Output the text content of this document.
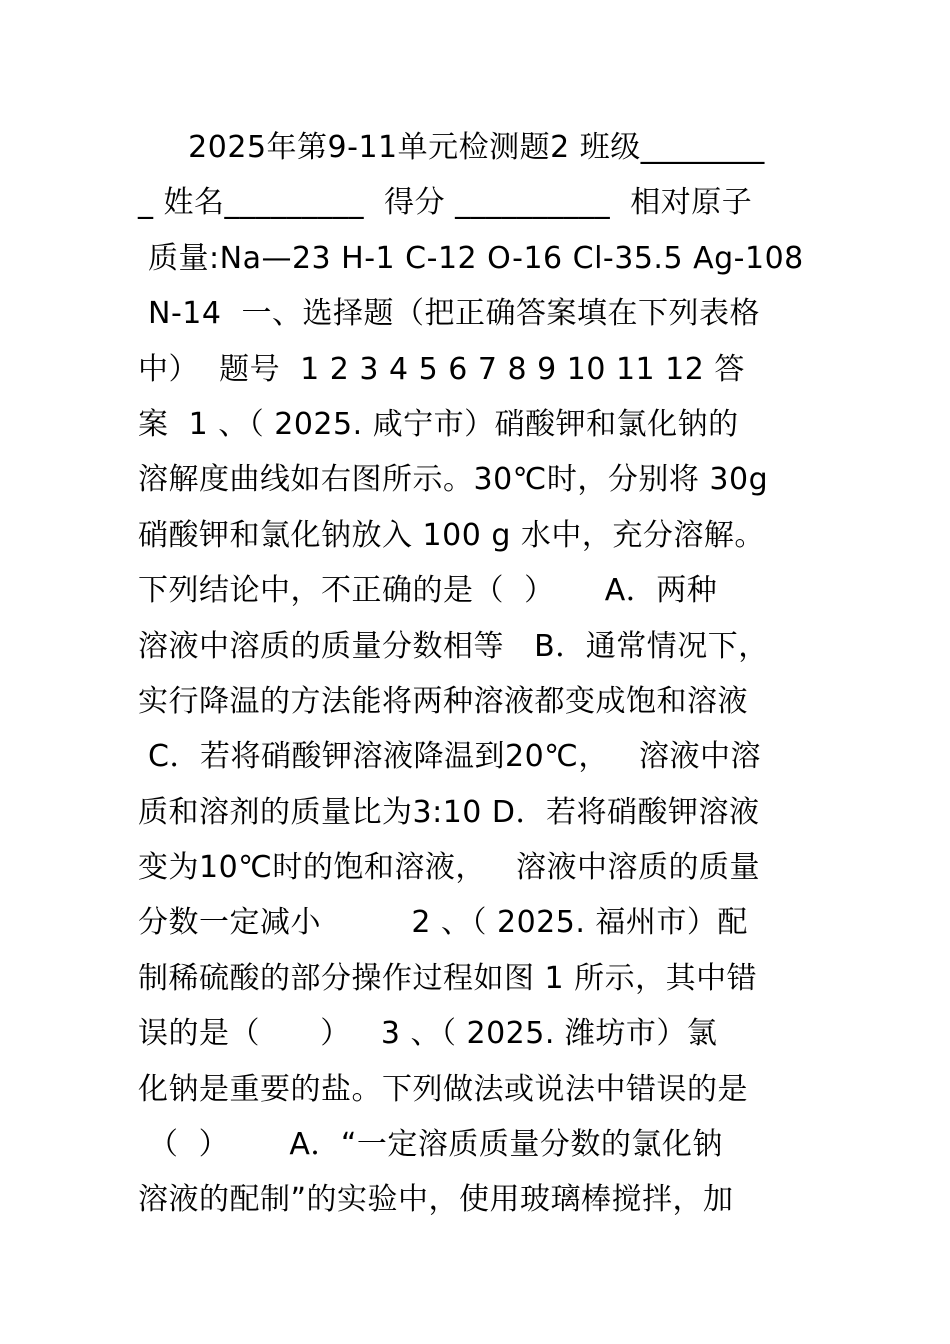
2025年第9-11单元检测题2 班级________
_ 姓名_________  得分 __________  相对原子
质量:Na—23 H-1 C-12 O-16 Cl-35.5 Ag-108
N-14  一、选择题（把正确答案填在下列表格
中）  题号  1 2 3 4 5 6 7 8 9 10 11 12 答
案  1 、（ 2025. 咸宁市）硝酸钾和氯化钠的
溶解度曲线如右图所示。30℃时，分别将 30g
硝酸钾和氯化钠放入 100 g 水中，充分溶解。
下列结论中，不正确的是（  ）     A．两种
溶液中溶质的质量分数相等   B．通常情况下，
实行降温的方法能将两种溶液都变成饱和溶液
C．若将硝酸钾溶液降温到20℃，   溶液中溶
质和溶剂的质量比为3:10 D．若将硝酸钾溶液
变为10℃时的饱和溶液，   溶液中溶质的质量
分数一定减小         2 、（ 2025. 福州市）配
制稀硫酸的部分操作过程如图 1 所示，其中错
误的是（      ）   3 、（ 2025. 潍坊市）氯
化钠是重要的盐。下列做法或说法中错误的是
（  ）      A．“一定溶质质量分数的氯化钠
溶液的配制”的实验中，使用玻璃棒搅拌，加
